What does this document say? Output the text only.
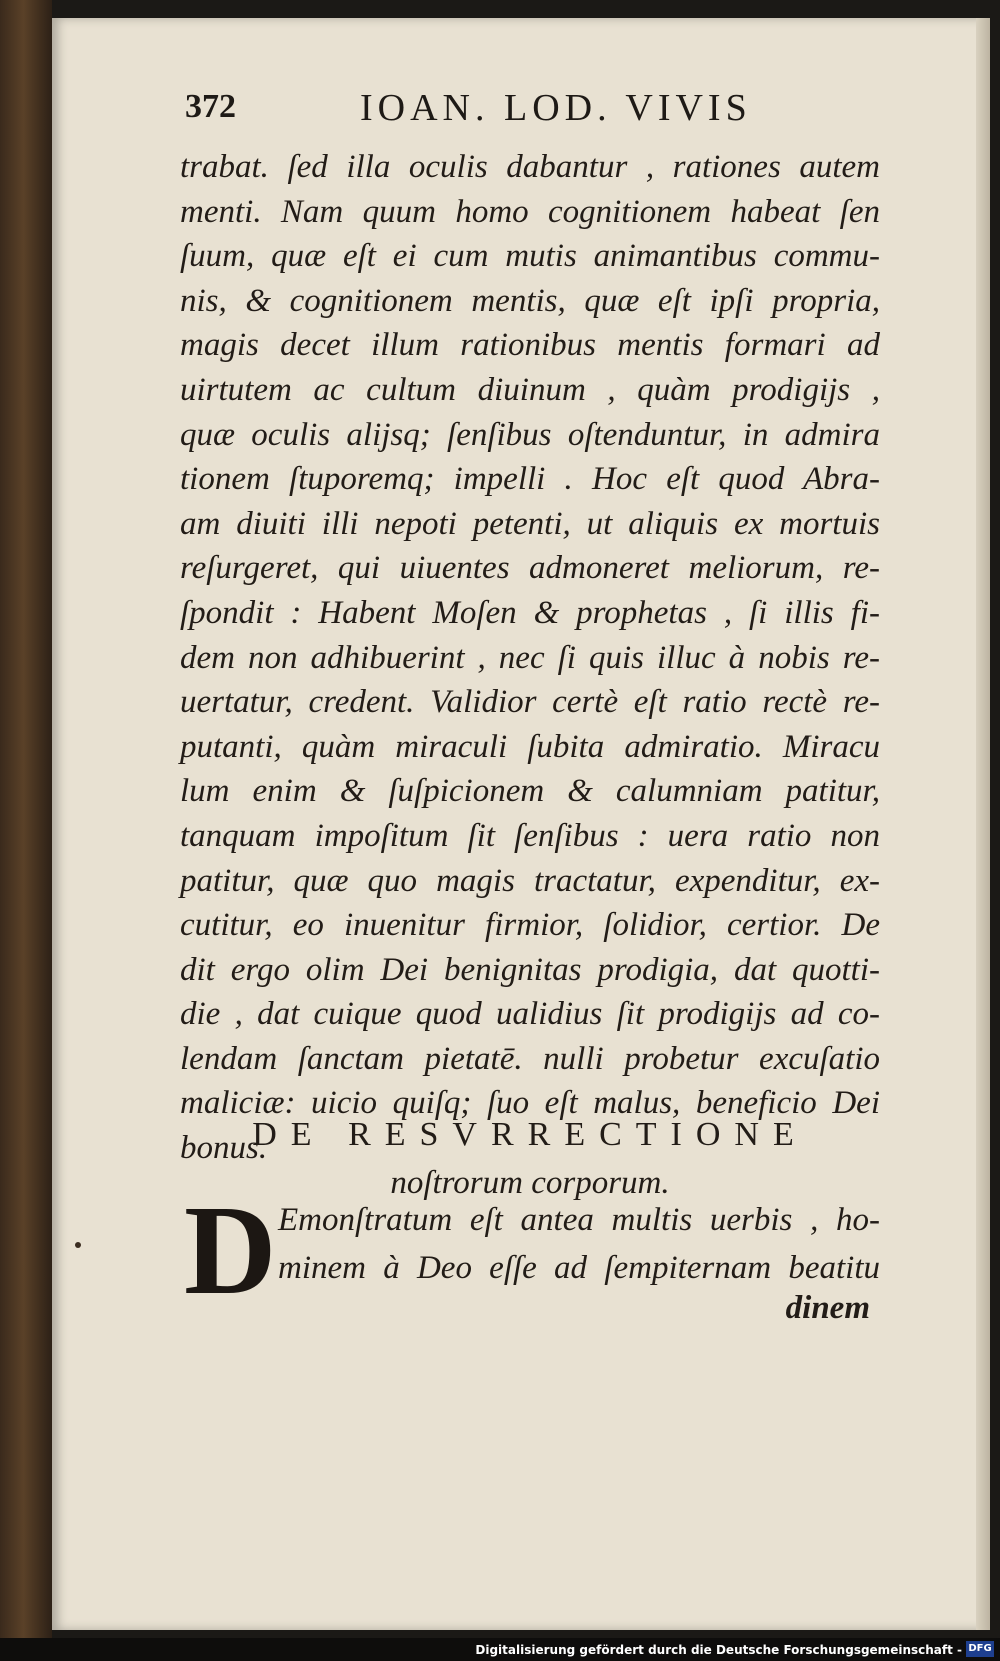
372	IOAN. LOD. VIVIS
trabat. ſed illa oculis dabantur , rationes autem
menti. Nam quum homo cognitionem habeat ſen
ſuum, quæ eſt ei cum mutis animantibus commu-
nis, & cognitionem mentis, quæ eſt ipſi propria,
magis decet illum rationibus mentis formari ad
uirtutem ac cultum diuinum , quàm prodigijs ,
quæ oculis alijsq; ſenſibus oſtenduntur, in admira
tionem ſtuporemq; impelli . Hoc eſt quod Abra-
am diuiti illi nepoti petenti, ut aliquis ex mortuis
reſurgeret, qui uiuentes admoneret meliorum, re-
ſpondit : Habent Moſen & prophetas , ſi illis fi-
dem non adhibuerint , nec ſi quis illuc à nobis re-
uertatur, credent. Validior certè eſt ratio rectè re-
putanti, quàm miraculi ſubita admiratio. Miracu
lum enim & ſuſpicionem & calumniam patitur,
tanquam impoſitum ſit ſenſibus : uera ratio non
patitur, quæ quo magis tractatur, expenditur, ex-
cutitur, eo inuenitur firmior, ſolidior, certior. De
dit ergo olim Dei benignitas prodigia, dat quotti-
die , dat cuique quod ualidius ſit prodigijs ad co-
lendam ſanctam pietatē. nulli probetur excuſatio
maliciæ: uicio quiſq; ſuo eſt malus, beneficio Dei
bonus.
DE RESVRRECTIONE
noſtrorum corporum.
D Emonſtratum eſt antea multis uerbis , ho-
minem à Deo eſſe ad ſempiternam beatitu
dinem
Digitalisierung gefördert durch die Deutsche Forschungsgemeinschaft - DFG
